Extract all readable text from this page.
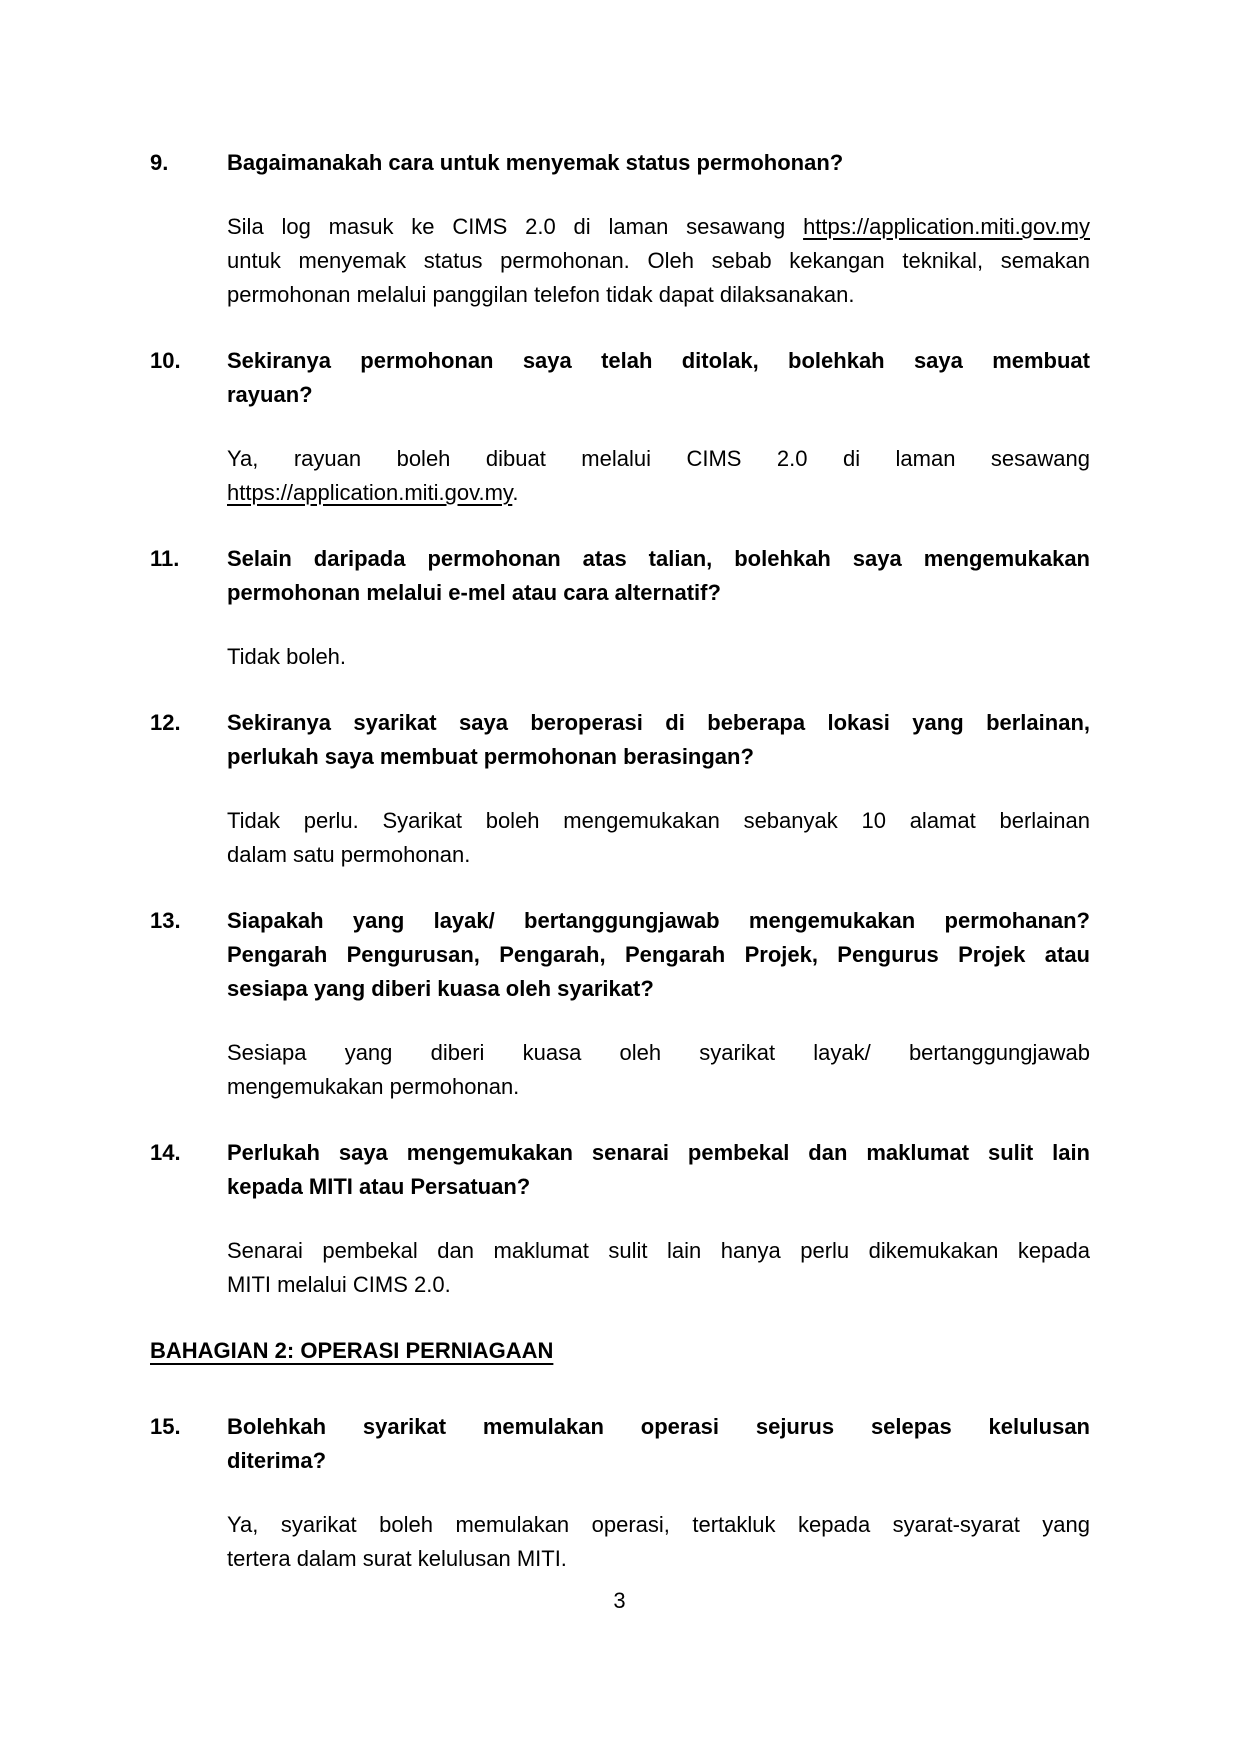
9.	Bagaimanakah cara untuk menyemak status permohonan?
Sila log masuk ke CIMS 2.0 di laman sesawang https://application.miti.gov.my
untuk menyemak status permohonan. Oleh sebab kekangan teknikal, semakan
permohonan melalui panggilan telefon tidak dapat dilaksanakan.
10.	Sekiranya permohonan saya telah ditolak, bolehkah saya membuat
rayuan?
Ya, rayuan boleh dibuat melalui CIMS 2.0 di laman sesawang
https://application.miti.gov.my.
11.	Selain daripada permohonan atas talian, bolehkah saya mengemukakan
permohonan melalui e-mel atau cara alternatif?
Tidak boleh.
12.	Sekiranya syarikat saya beroperasi di beberapa lokasi yang berlainan,
perlukah saya membuat permohonan berasingan?
Tidak perlu. Syarikat boleh mengemukakan sebanyak 10 alamat berlainan
dalam satu permohonan.
13.	Siapakah yang layak/ bertanggungjawab mengemukakan permohanan?
Pengarah Pengurusan, Pengarah, Pengarah Projek, Pengurus Projek atau
sesiapa yang diberi kuasa oleh syarikat?
Sesiapa yang diberi kuasa oleh syarikat layak/ bertanggungjawab
mengemukakan permohonan.
14.	Perlukah saya mengemukakan senarai pembekal dan maklumat sulit lain
kepada MITI atau Persatuan?
Senarai pembekal dan maklumat sulit lain hanya perlu dikemukakan kepada
MITI melalui CIMS 2.0.
BAHAGIAN 2: OPERASI PERNIAGAAN
15.	Bolehkah syarikat memulakan operasi sejurus selepas kelulusan
diterima?
Ya, syarikat boleh memulakan operasi, tertakluk kepada syarat-syarat yang
tertera dalam surat kelulusan MITI.
3
